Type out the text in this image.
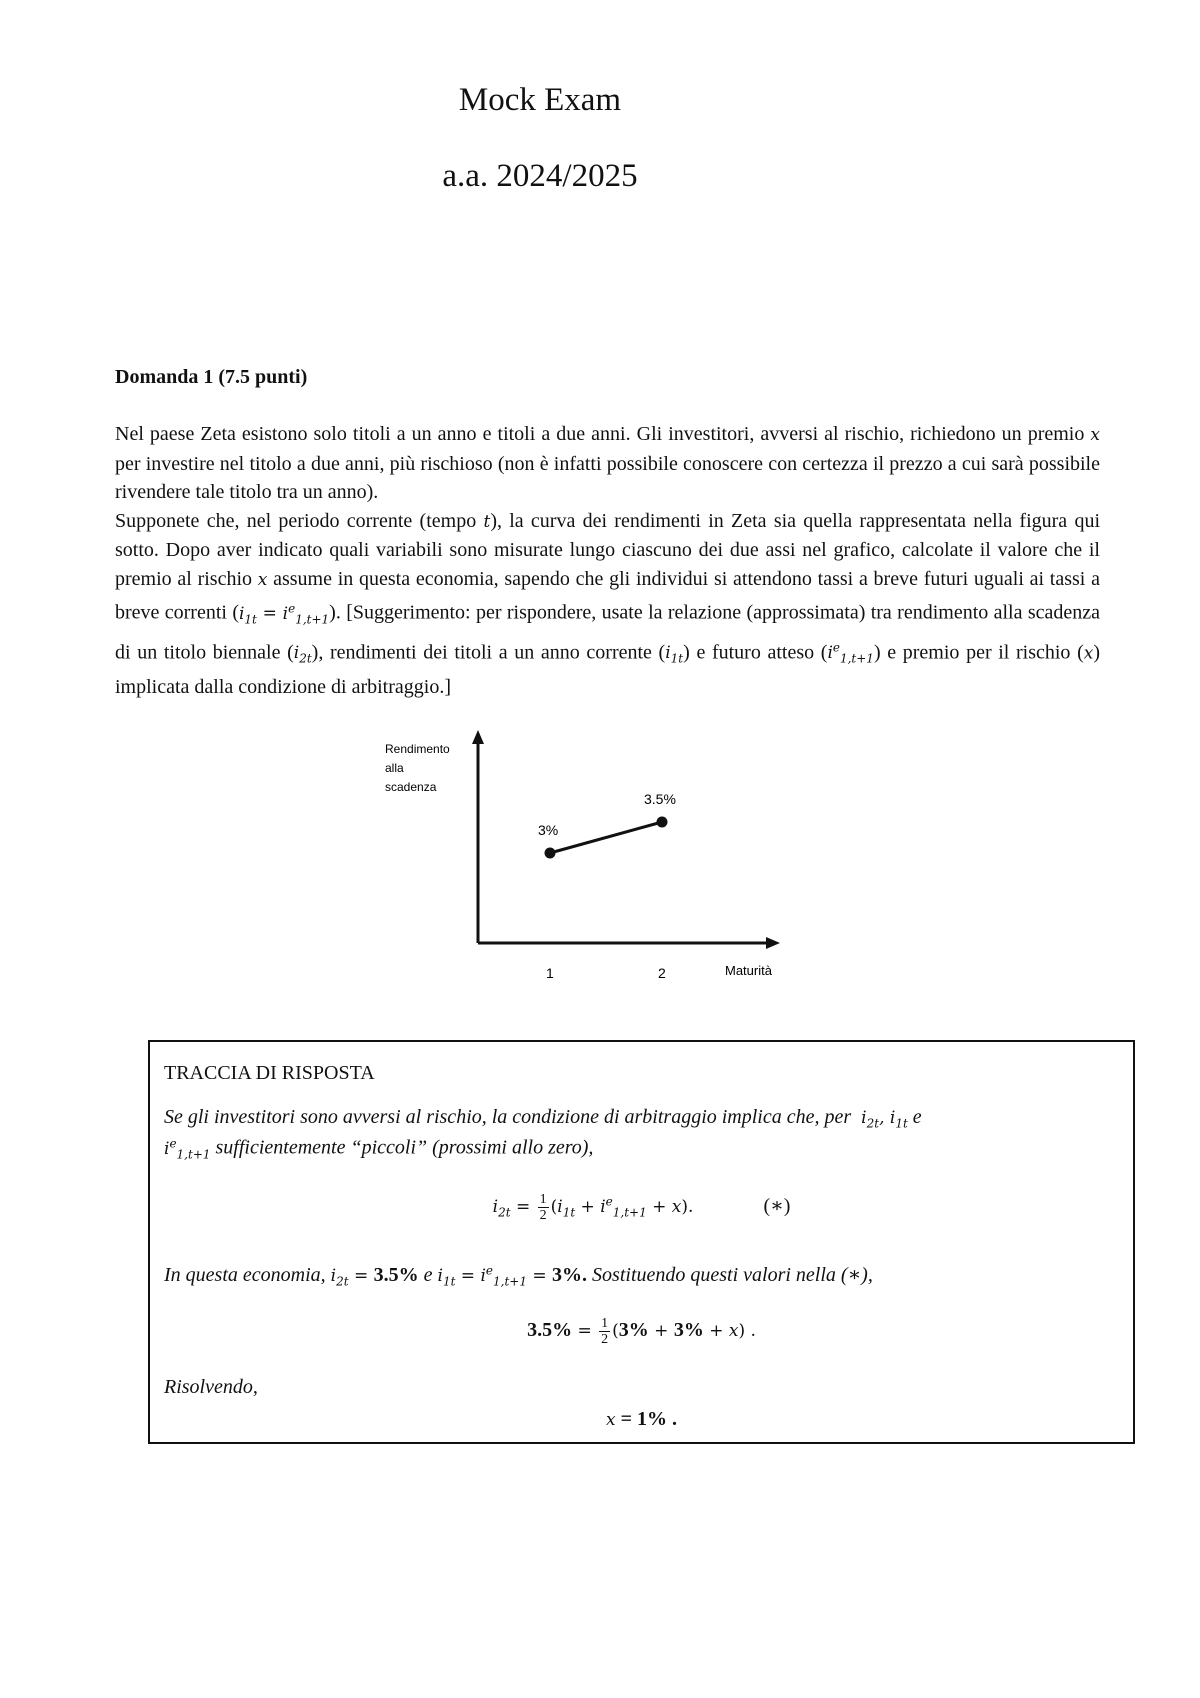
Mock Exam
a.a. 2024/2025
Domanda 1 (7.5 punti)

Nel paese Zeta esistono solo titoli a un anno e titoli a due anni. Gli investitori, avversi al rischio, richiedono un premio x per investire nel titolo a due anni, più rischioso (non è infatti possibile conoscere con certezza il prezzo a cui sarà possibile rivendere tale titolo tra un anno).

Supponete che, nel periodo corrente (tempo t), la curva dei rendimenti in Zeta sia quella rappresentata nella figura qui sotto. Dopo aver indicato quali variabili sono misurate lungo ciascuno dei due assi nel grafico, calcolate il valore che il premio al rischio x assume in questa economia, sapendo che gli individui si attendono tassi a breve futuri uguali ai tassi a breve correnti $(i_{1t} = i^e_{1,t+1})$. [Suggerimento: per rispondere, usate la relazione (approssimata) tra rendimento alla scadenza di un titolo biennale $(i_{2t})$, rendimenti dei titoli a un anno corrente $(i_{1t})$ e futuro atteso $(i^e_{1,t+1})$ e premio per il rischio (x) implicata dalla condizione di arbitraggio.]

Rendimento
alla
scadenza
Maturità
3%
1
3.5%
2
TRACCIA DI RISPOSTA
Se gli investitori sono avversi al rischio, la condizione di arbitraggio implica che, per $i_{2t}$, $i_{1t}$ e
$i^e_{1,t+1}$ sufficientemente “piccoli” (prossimi allo zero),
$i_{2t} = \frac{1}{2} (i_{1t} + i^e_{1,t+1} + x)$.	(∗)
In questa economia, $i_{2t} = 3.5\%$ e $i_{1t} = i^e_{1,t+1} = 3\%$. Sostituendo questi valori nella (∗),
$3.5\% = \frac{1}{2} (3\% + 3\% + x)$ .
Risolvendo,
x = 1% .
